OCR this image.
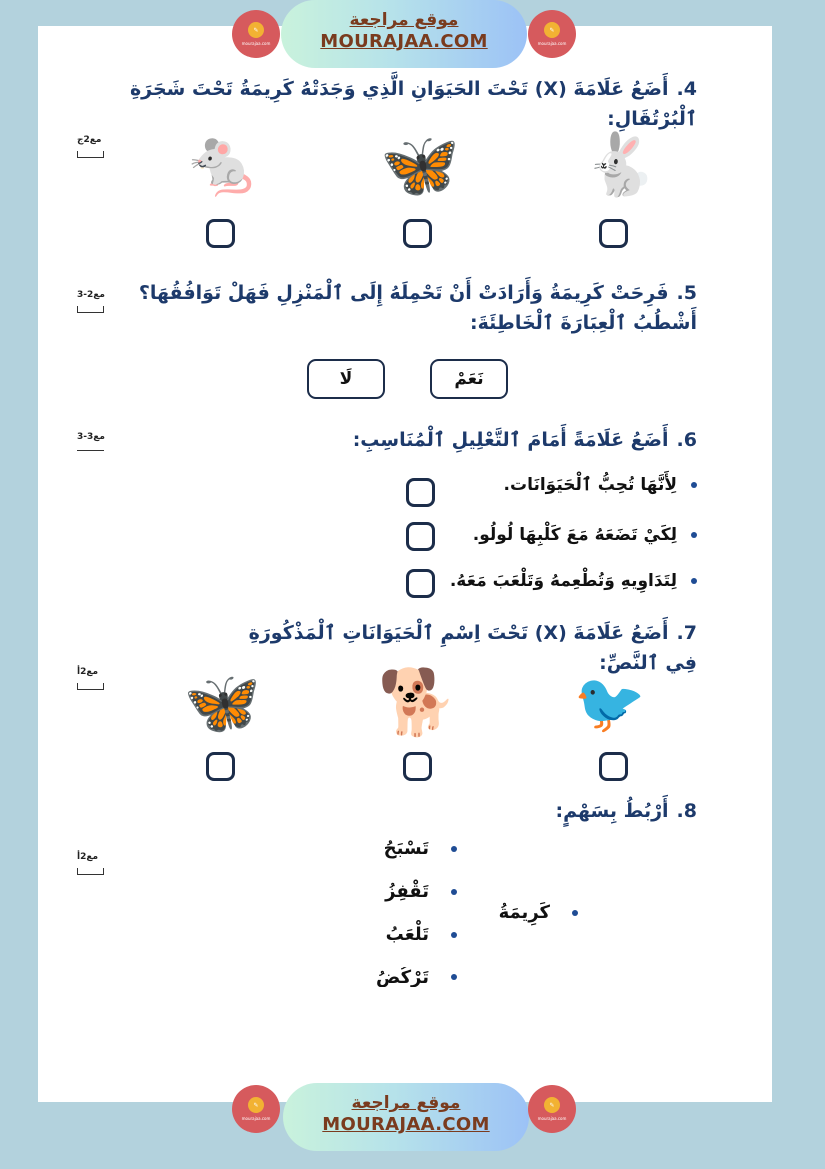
✎
mourajaa.com
موقع مراجعة
MOURAJAA.COM
✎
mourajaa.com
4.أَضَعُ عَلَامَةَ (X) تَحْتَ الحَيَوَانِ الَّذِي وَجَدَتْهُ كَرِيمَةُ تَحْتَ شَجَرَةِ ٱلْبُرْتُقَالِ:
مع2ج	🐇
🦋
🐁
5.فَرِحَتْ كَرِيمَةُ وَأَرَادَتْ أَنْ تَحْمِلَهُ إِلَى ٱلْمَنْزِلِ فَهَلْ تَوَافُقُهَا؟ أَشْطُبُ ٱلْعِبَارَةَ ٱلْخَاطِئَةَ:
مع2-3
نَعَمْ
لَا
6.أَضَعُ عَلَامَةً أَمَامَ ٱلتَّعْلِيلِ ٱلْمُنَاسِبِ:
مع3-3
لِأَنَّهَا تُحِبُّ ٱلْحَيَوَانَات.
لِكَيْ تَضَعَهُ مَعَ كَلْبِهَا لُولُو.
لِتَدَاوِيهِ وَتُطْعِمهُ وَتَلْعَبَ مَعَهُ.
7.أَضَعُ عَلَامَةَ (X) تَحْتَ اِسْمِ ٱلْحَيَوَانَاتِ ٱلْمَذْكُورَةِ فِي ٱلنَّصِّ:
مع2أ	🐦
🐕
🦋
8.أَرْبُطُ بِسَهْمٍ:
مع2أ
كَرِيمَةُ
تَسْبَحُ
تَقْفِزُ
تَلْعَبُ
تَرْكُضُ
✎
mourajaa.com
موقع مراجعة
MOURAJAA.COM
✎
mourajaa.com
